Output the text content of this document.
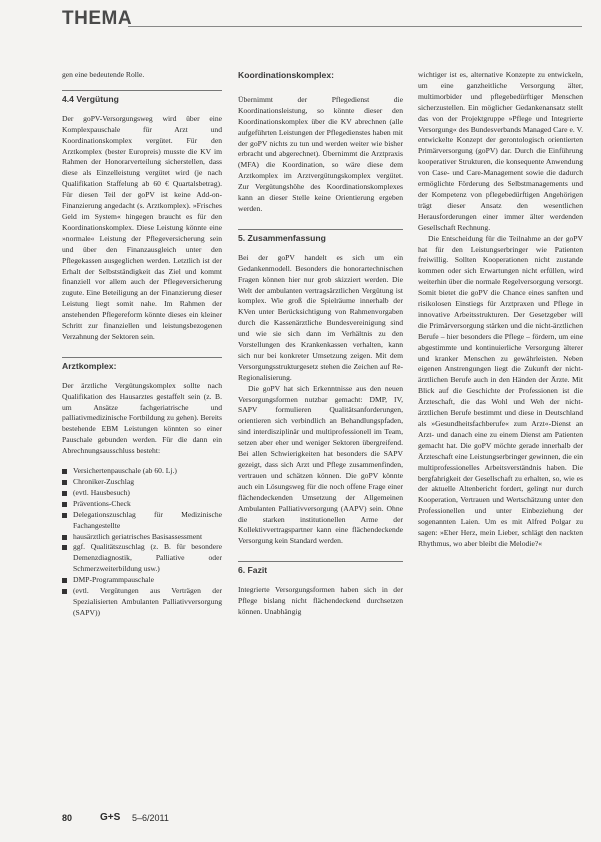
THEMA

gen eine bedeutende Rolle.

4.4 Vergütung

Der goPV-Versorgungsweg wird über eine Komplexpauschale für Arzt und Koordinationskomplex vergütet. Für den Arztkomplex (bester Europreis) musste die KV im Rahmen der Honorarverteilung sicherstellen, dass diese als Einzelleistung vergütet wird (je nach Qualifikation Staffelung ab 60 € Quartalsbetrag). Für diesen Teil der goPV ist keine Add-on-Finanzierung angedacht (s. Arztkomplex). »Frisches Geld im System« hingegen braucht es für den Koordinationskomplex. Diese Leistung könnte eine »normale« Leistung der Pflegeversicherung sein und über den Finanzausgleich unter den Pflegekassen ausgeglichen werden. Letztlich ist der Erhalt der Selbstständigkeit das Ziel und kommt finanziell vor allem auch der Pflegeversicherung zugute. Eine Beteiligung an der Finanzierung dieser Leistung liegt somit nahe. Im Rahmen der anstehenden Pflegereform könnte dieses ein kleiner Schritt zur finanziellen und leistungsbezogenen Verzahnung der Sektoren sein.

Arztkomplex:

Der ärztliche Vergütungskomplex sollte nach Qualifikation des Hausarztes gestaffelt sein (z. B. um Ansätze fachgeriatrische und palliativmedizinische Fortbildung zu gehen). Bereits bestehende EBM Leistungen könnten so einer Pauschale gebunden werden. Für die dann ein Abrechnungsausschluss besteht:

Versichertenpauschale (ab 60. Lj.)
Chroniker-Zuschlag
(evtl. Hausbesuch)
Präventions-Check
Delegationszuschlag für Medizinische Fachangestellte
hausärztlich geriatrisches Basisassessment
ggf. Qualitätszuschlag (z. B. für besondere Demenzdiagnostik, Palliative oder Schmerzweiterbildung usw.)
DMP-Programmpauschale
(evtl. Vergütungen aus Verträgen der Spezialisierten Ambulanten Palliativversorgung (SAPV))
Koordinationskomplex:

Übernimmt der Pflegedienst die Koordinationsleistung, so könnte dieser den Koordinationskomplex über die KV abrechnen (alle aufgeführten Leistungen der Pflegedienstes haben mit der goPV nichts zu tun und werden weiter wie bisher erbracht und abgerechnet). Übernimmt die Arztpraxis (MFA) die Koordination, so wäre diese dem Arztkomplex im Arztvergütungskomplex vergütet. Zur Vergütungshöhe des Koordinationskomplexes kann an dieser Stelle keine Orientierung ergeben werden.

5. Zusammenfassung

Bei der goPV handelt es sich um ein Gedankenmodell. Besonders die honorartechnischen Fragen können hier nur grob skizziert werden. Die Welt der ambulanten vertragsärztlichen Vergütung ist komplex. Wie groß die Spielräume innerhalb der KVen unter Berücksichtigung von Rahmenvorgaben durch die Kassenärztliche Bundesvereinigung sind und wie sie sich dann im Verhältnis zu den Vorstellungen des Krankenkassen verhalten, kann sich nur bei konkreter Umsetzung zeigen. Mit dem Versorgungsstrukturgesetz stehen die Zeichen auf Re-Regionalisierung.

Die goPV hat sich Erkenntnisse aus den neuen Versorgungsformen nutzbar gemacht: DMP, IV, SAPV formulieren Qualitätsanforderungen, orientieren sich verbindlich an Behandlungspfaden, sind interdisziplinär und multiprofessionell im Team, setzen aber eher und weniger Sektoren übergreifend. Bei allen Schwierigkeiten hat besonders die SAPV gezeigt, dass sich Arzt und Pflege zusammenfinden, vertrauen und schätzen können. Die goPV könnte auch ein Lösungsweg für die noch offene Frage einer flächendeckenden Umsetzung der Allgemeinen Ambulanten Palliativversorgung (AAPV) sein. Ohne die starken institutionellen Arme der Kollektivvertragspartner kann eine flächendeckende Versorgung kein Standard werden.

6. Fazit

Integrierte Versorgungsformen haben sich in der Pflege bislang nicht flächendeckend durchsetzen können. Unabhängig

wichtiger ist es, alternative Konzepte zu entwickeln, um eine ganzheitliche Versorgung älter, multimorbider und pflegebedürftiger Menschen sicherzustellen. Ein möglicher Gedankenansatz stellt das von der Projektgruppe »Pflege und Integrierte Versorgung« des Bundesverbands Managed Care e. V. entwickelte Konzept der gerontologisch orientierten Primärversorgung (goPV) dar. Durch die Einführung kooperativer Strukturen, die konsequente Anwendung von Case- und Care-Management sowie die dadurch ermöglichte Förderung des Selbstmanagements und der Kompetenz von pflegebedürftigen Angehörigen trägt dieser Ansatz den wesentlichen Herausforderungen einer immer älter werdenden Gesellschaft Rechnung.

Die Entscheidung für die Teilnahme an der goPV hat für den Leistungserbringer wie Patienten freiwillig. Sollten Kooperationen nicht zustande kommen oder sich Erwartungen nicht erfüllen, wird weiterhin über die normale Regelversorgung versorgt. Somit bietet die goPV die Chance eines sanften und risikolosen Einstiegs für Arztpraxen und Pflege in innovative Arbeitsstrukturen. Der Gesetzgeber will die Primärversorgung stärken und die nicht-ärztlichen Berufe – hier besonders die Pflege – fördern, um eine abgestimmte und kontinuierliche Versorgung älterer und kranker Menschen zu gewährleisten. Neben eigenen Anstrengungen liegt die Zukunft der nicht-ärztlichen Berufe auch in den Händen der Ärzte. Mit Blick auf die Geschichte der Professionen ist die Ärzteschaft, die das Wohl und Weh der nicht-ärztlichen Berufe bestimmt und diese in Deutschland als »Gesundheitsfachberufe« zum Arzt«-Dienst an Arzt- und danach eine zu einem Dienst am Patienten gemacht hat. Die goPV möchte gerade innerhalb der Ärzteschaft eine Leistungserbringer gewinnen, die ein multiprofessionelles Arbeitsverständnis haben. Die bergfahrigkeit der Gesellschaft zu erhalten, so, wie es der aktuelle Altenbericht fordert, gelingt nur durch Kooperation, Vertrauen und Wertschätzung unter den Professionellen und unter Einbeziehung der sogenannten Laien. Um es mit Alfred Polgar zu sagen: »Eher Herz, mein Lieber, schlägt den nackten Rhythmus, wo aber bleibt die Melodie?«

80	G+S 5–6/2011
